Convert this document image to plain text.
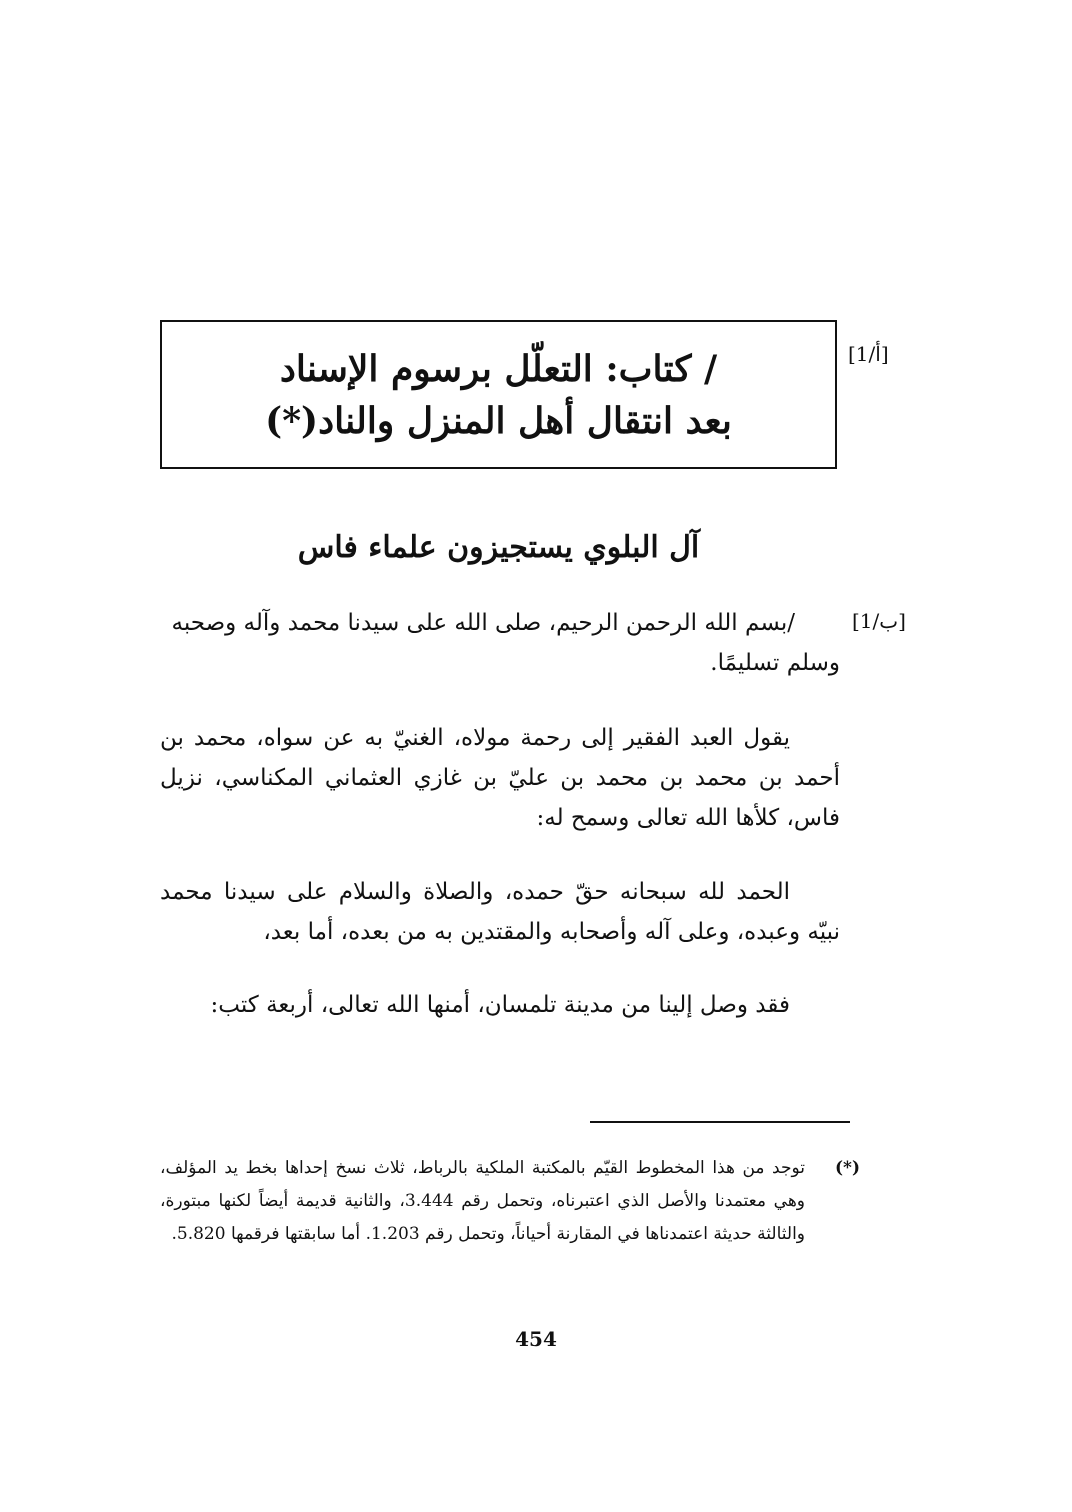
[1/أ]
/ كتاب: التعلّل برسوم الإسناد
بعد انتقال أهل المنزل والناد(*)
آل البلوي يستجيزون علماء فاس
[1/ب]
/بسم الله الرحمن الرحيم، صلى الله على سيدنا محمد وآله وصحبه
وسلم تسليمًا.
يقول العبد الفقير إلى رحمة مولاه، الغنيّ به عن سواه، محمد بن أحمد بن محمد بن محمد بن عليّ بن غازي العثماني المكناسي، نزيل فاس، كلأها الله تعالى وسمح له:
الحمد لله سبحانه حقّ حمده، والصلاة والسلام على سيدنا محمد نبيّه وعبده، وعلى آله وأصحابه والمقتدين به من بعده، أما بعد،
فقد وصل إلينا من مدينة تلمسان، أمنها الله تعالى، أربعة كتب:
(*)
توجد من هذا المخطوط القيّم بالمكتبة الملكية بالرباط، ثلاث نسخ إحداها بخط يد المؤلف، وهي معتمدنا والأصل الذي اعتبرناه، وتحمل رقم 3.444، والثانية قديمة أيضاً لكنها مبتورة، والثالثة حديثة اعتمدناها في المقارنة أحياناً، وتحمل رقم 1.203. أما سابقتها فرقمها 5.820.
454
